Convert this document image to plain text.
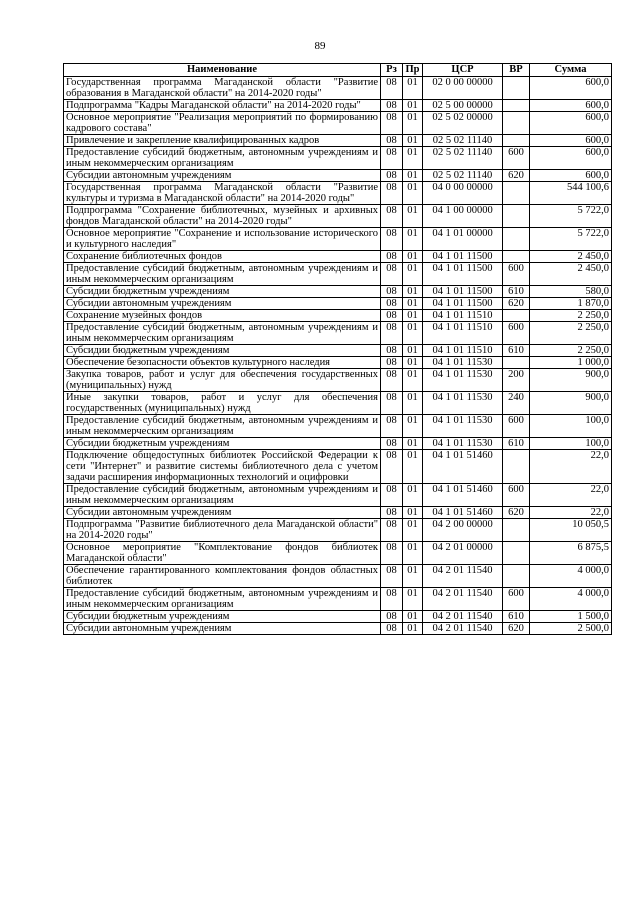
89
Наименование	Рз	Пр	ЦСР	ВР	Сумма
Государственная программа Магаданской области "Развитие образования в Магаданской области" на 2014-2020 годы"	08	01	02 0 00 00000		600,0
Подпрограмма "Кадры Магаданской области" на 2014-2020 годы"	08	01	02 5 00 00000		600,0
Основное мероприятие "Реализация мероприятий по формированию кадрового состава"	08	01	02 5 02 00000		600,0
Привлечение и закрепление квалифицированных кадров	08	01	02 5 02 11140		600,0
Предоставление субсидий бюджетным, автономным учреждениям и иным некоммерческим организациям	08	01	02 5 02 11140	600	600,0
Субсидии автономным учреждениям	08	01	02 5 02 11140	620	600,0
Государственная программа Магаданской области "Развитие культуры и туризма в Магаданской области" на 2014-2020 годы"	08	01	04 0 00 00000		544 100,6
Подпрограмма "Сохранение библиотечных, музейных и архивных фондов Магаданской области" на 2014-2020 годы"	08	01	04 1 00 00000		5 722,0
Основное мероприятие "Сохранение и использование исторического и культурного наследия"	08	01	04 1 01 00000		5 722,0
Сохранение библиотечных фондов	08	01	04 1 01 11500		2 450,0
Предоставление субсидий бюджетным, автономным учреждениям и иным некоммерческим организациям	08	01	04 1 01 11500	600	2 450,0
Субсидии бюджетным учреждениям	08	01	04 1 01 11500	610	580,0
Субсидии автономным учреждениям	08	01	04 1 01 11500	620	1 870,0
Сохранение музейных фондов	08	01	04 1 01 11510		2 250,0
Предоставление субсидий бюджетным, автономным учреждениям и иным некоммерческим организациям	08	01	04 1 01 11510	600	2 250,0
Субсидии бюджетным учреждениям	08	01	04 1 01 11510	610	2 250,0
Обеспечение безопасности объектов культурного наследия	08	01	04 1 01 11530		1 000,0
Закупка товаров, работ и услуг для обеспечения государственных (муниципальных) нужд	08	01	04 1 01 11530	200	900,0
Иные закупки товаров, работ и услуг для обеспечения государственных (муниципальных) нужд	08	01	04 1 01 11530	240	900,0
Предоставление субсидий бюджетным, автономным учреждениям и иным некоммерческим организациям	08	01	04 1 01 11530	600	100,0
Субсидии бюджетным учреждениям	08	01	04 1 01 11530	610	100,0
Подключение общедоступных библиотек Российской Федерации к сети "Интернет" и развитие системы библиотечного дела с учетом задачи расширения информационных технологий и оцифровки	08	01	04 1 01 51460		22,0
Предоставление субсидий бюджетным, автономным учреждениям и иным некоммерческим организациям	08	01	04 1 01 51460	600	22,0
Субсидии автономным учреждениям	08	01	04 1 01 51460	620	22,0
Подпрограмма "Развитие библиотечного дела Магаданской области" на 2014-2020 годы"	08	01	04 2 00 00000		10 050,5
Основное мероприятие "Комплектование фондов библиотек Магаданской области"	08	01	04 2 01 00000		6 875,5
Обеспечение гарантированного комплектования фондов областных библиотек	08	01	04 2 01 11540		4 000,0
Предоставление субсидий бюджетным, автономным учреждениям и иным некоммерческим организациям	08	01	04 2 01 11540	600	4 000,0
Субсидии бюджетным учреждениям	08	01	04 2 01 11540	610	1 500,0
Субсидии автономным учреждениям	08	01	04 2 01 11540	620	2 500,0
